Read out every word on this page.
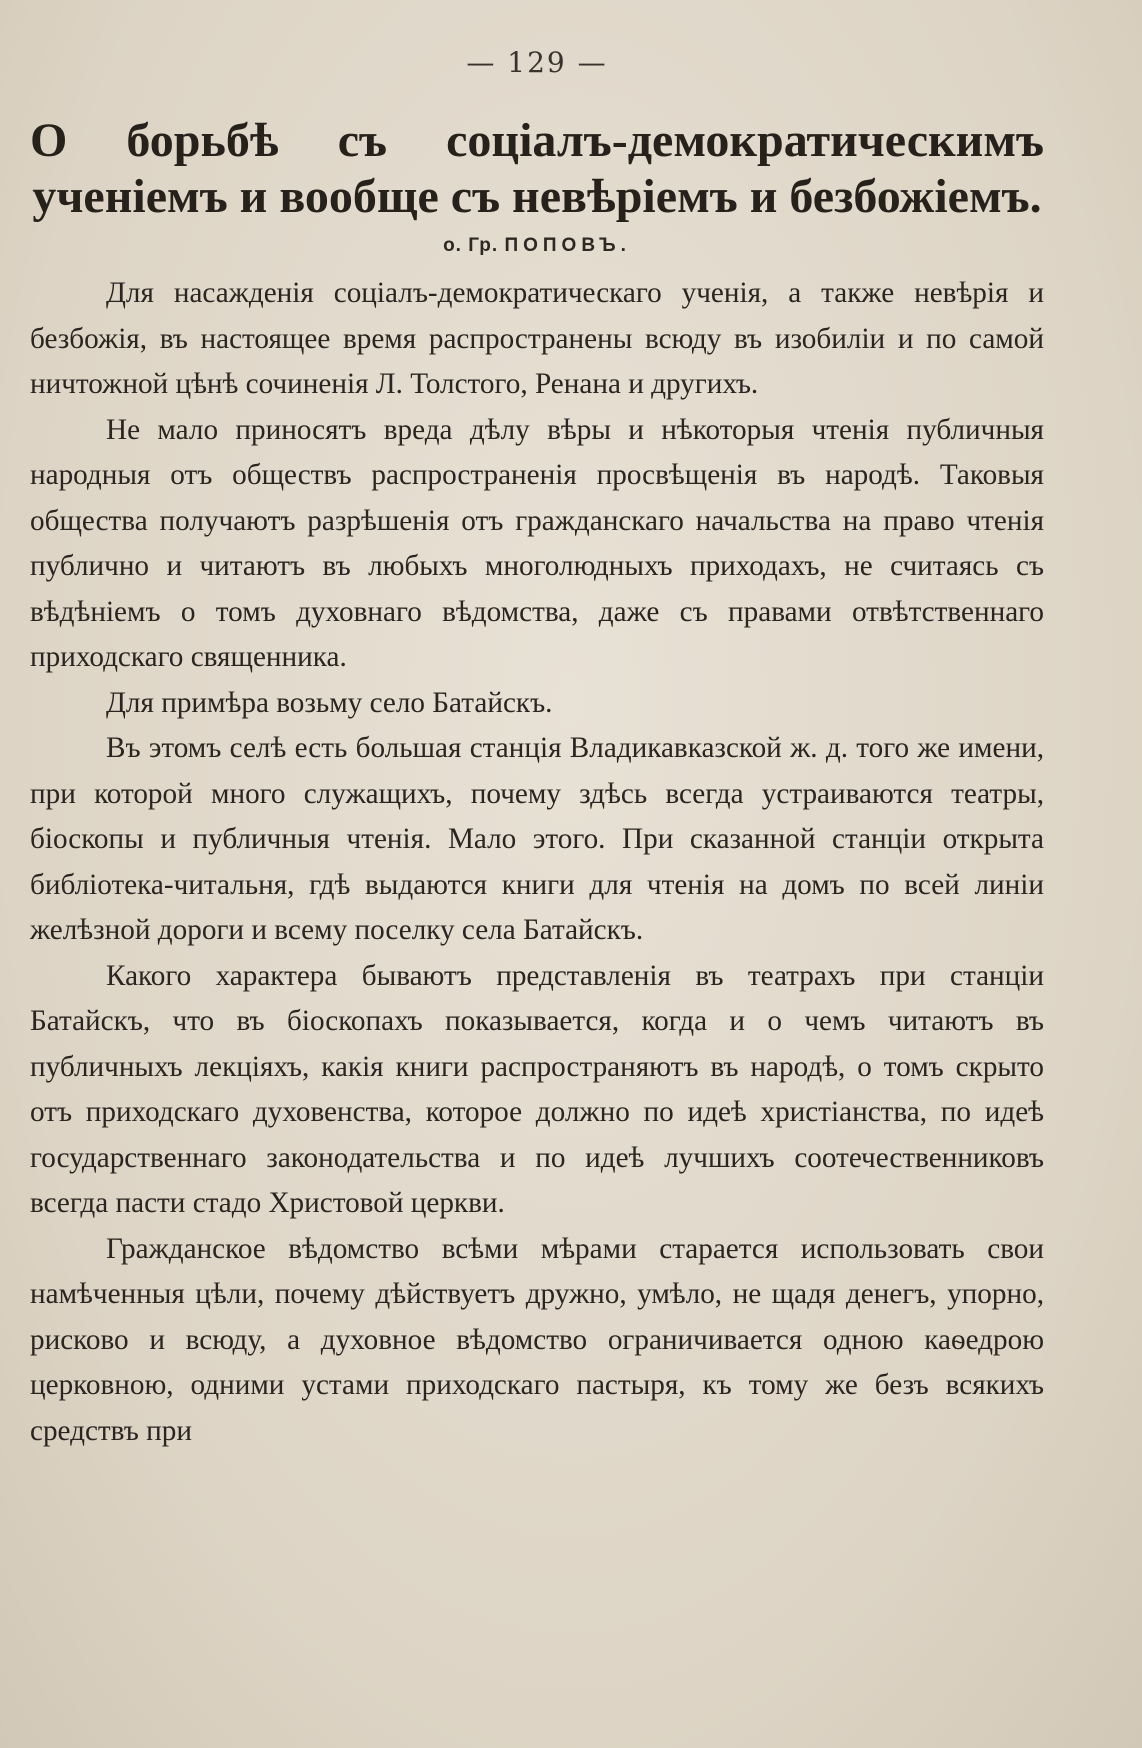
— 129 —
О борьбѣ съ соціалъ-демократическимъ ученіемъ и вообще съ невѣріемъ и безбожіемъ.
о. Гр. ПОПОВЪ.

Для насажденія соціалъ-демократическаго ученія, а также невѣрія и безбожія, въ настоящее время распространены всюду въ изобиліи и по самой ничтожной цѣнѣ сочиненія Л. Толстого, Ренана и другихъ.

Не мало приносятъ вреда дѣлу вѣры и нѣкоторыя чтенія публичныя народныя отъ обществъ распространенія просвѣщенія въ народѣ. Таковыя общества получаютъ разрѣшенія отъ гражданскаго начальства на право чтенія публично и читаютъ въ любыхъ многолюдныхъ приходахъ, не считаясь съ вѣдѣніемъ о томъ духовнаго вѣдомства, даже съ правами отвѣтственнаго приходскаго священника.

Для примѣра возьму село Батайскъ.

Въ этомъ селѣ есть большая станція Владикавказской ж. д. того же имени, при которой много служащихъ, почему здѣсь всегда устраиваются театры, біоскопы и публичныя чтенія. Мало этого. При сказанной станціи открыта библіотека-читальня, гдѣ выдаются книги для чтенія на домъ по всей линіи желѣзной дороги и всему поселку села Батайскъ.

Какого характера бываютъ представленія въ театрахъ при станціи Батайскъ, что въ біоскопахъ показывается, когда и о чемъ читаютъ въ публичныхъ лекціяхъ, какія книги распространяютъ въ народѣ, о томъ скрыто отъ приходскаго духовенства, которое должно по идеѣ христіанства, по идеѣ государственнаго законодательства и по идеѣ лучшихъ соотечественниковъ всегда пасти стадо Христовой церкви.

Гражданское вѣдомство всѣми мѣрами старается использовать свои намѣченныя цѣли, почему дѣйствуетъ дружно, умѣло, не щадя денегъ, упорно, рисково и всюду, а духовное вѣдомство ограничивается одною каѳедрою церковною, одними устами приходскаго пастыря, къ тому же безъ всякихъ средствъ при
